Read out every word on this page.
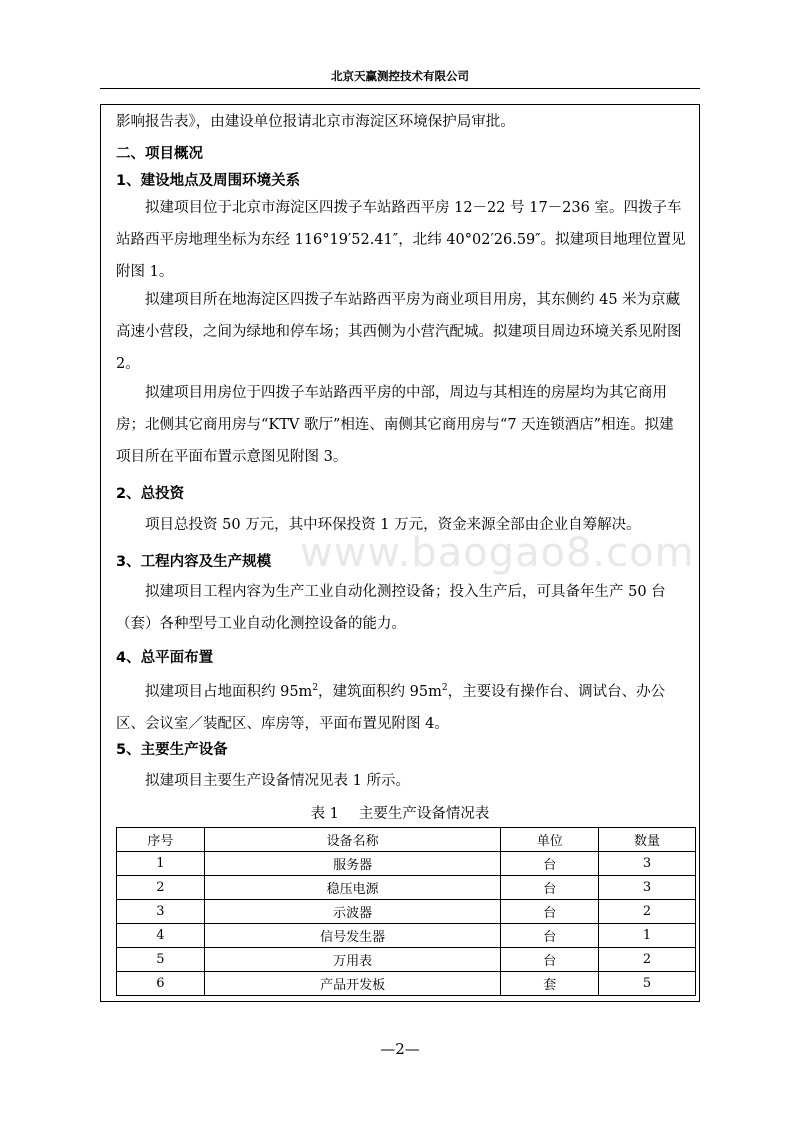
北京天赢测控技术有限公司
www.baogao8.com
影响报告表》，由建设单位报请北京市海淀区环境保护局审批。
二、项目概况
1、建设地点及周围环境关系
拟建项目位于北京市海淀区四拨子车站路西平房 12－22 号 17－236 室。四拨子车站路西平房地理坐标为东经 116°19′52.41″，北纬 40°02′26.59″。拟建项目地理位置见附图 1。
拟建项目所在地海淀区四拨子车站路西平房为商业项目用房，其东侧约 45 米为京藏高速小营段，之间为绿地和停车场；其西侧为小营汽配城。拟建项目周边环境关系见附图 2。
拟建项目用房位于四拨子车站路西平房的中部，周边与其相连的房屋均为其它商用房；北侧其它商用房与“KTV 歌厅”相连、南侧其它商用房与“7 天连锁酒店”相连。拟建项目所在平面布置示意图见附图 3。
2、总投资
项目总投资 50 万元，其中环保投资 1 万元，资金来源全部由企业自筹解决。
3、工程内容及生产规模
拟建项目工程内容为生产工业自动化测控设备；投入生产后，可具备年生产 50 台（套）各种型号工业自动化测控设备的能力。
4、总平面布置
拟建项目占地面积约 $95m^2$，建筑面积约 $95m^2$，主要设有操作台、调试台、办公区、会议室／装配区、库房等，平面布置见附图 4。
5、主要生产设备
拟建项目主要生产设备情况见表 1 所示。
表 1 主要生产设备情况表
序号	设备名称	单位	数量
1	服务器	台	3
2	稳压电源	台	3
3	示波器	台	2
4	信号发生器	台	1
5	万用表	台	2
6	产品开发板	套	5
—2—
